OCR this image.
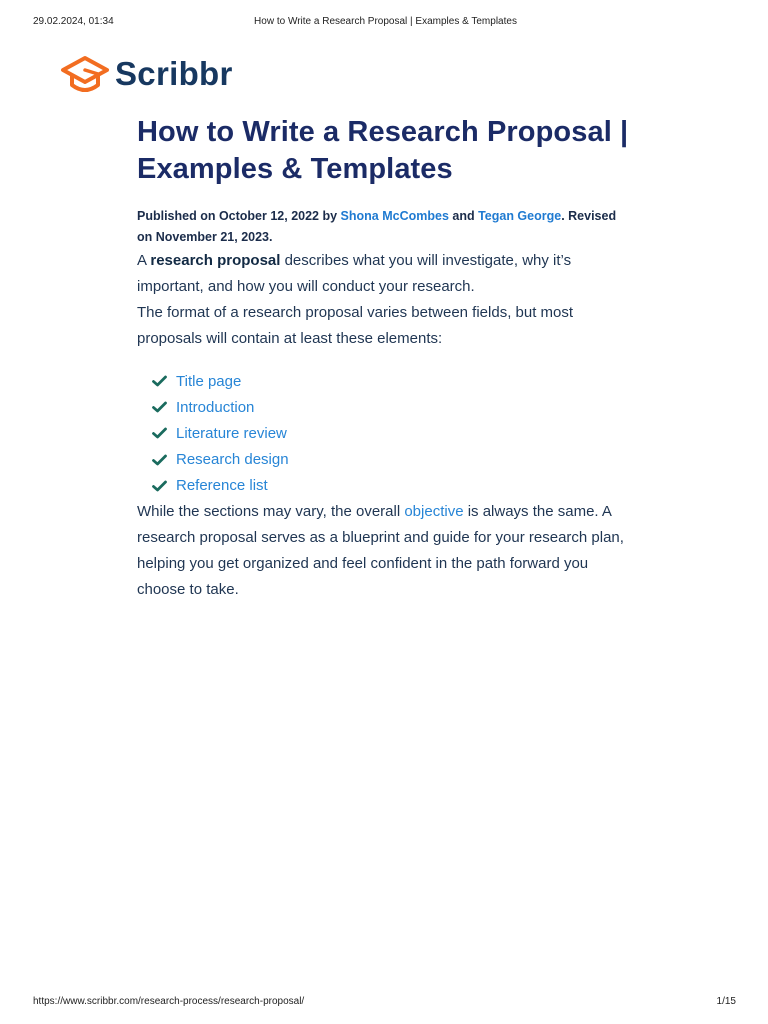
29.02.2024, 01:34	How to Write a Research Proposal | Examples & Templates
Scribbr
How to Write a Research Proposal | Examples & Templates
Published on October 12, 2022 by Shona McCombes and Tegan George. Revised on November 21, 2023.

A research proposal describes what you will investigate, why it’s important, and how you will conduct your research.

The format of a research proposal varies between fields, but most proposals will contain at least these elements:

Title page
Introduction
Literature review
Research design
Reference list

While the sections may vary, the overall objective is always the same. A research proposal serves as a blueprint and guide for your research plan, helping you get organized and feel confident in the path forward you choose to take.

https://www.scribbr.com/research-process/research-proposal/	1/15
